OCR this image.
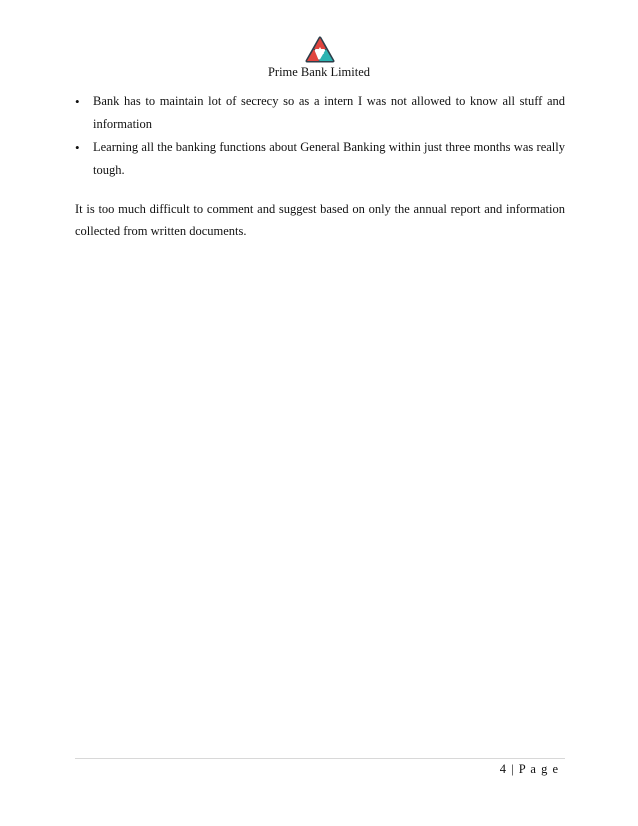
Prime Bank Limited
• Bank has to maintain lot of secrecy so as a intern I was not allowed to know all stuff and information
• Learning all the banking functions about General Banking within just three months was really tough.

It is too much difficult to comment and suggest based on only the annual report and information collected from written documents.

4 | P a g e
